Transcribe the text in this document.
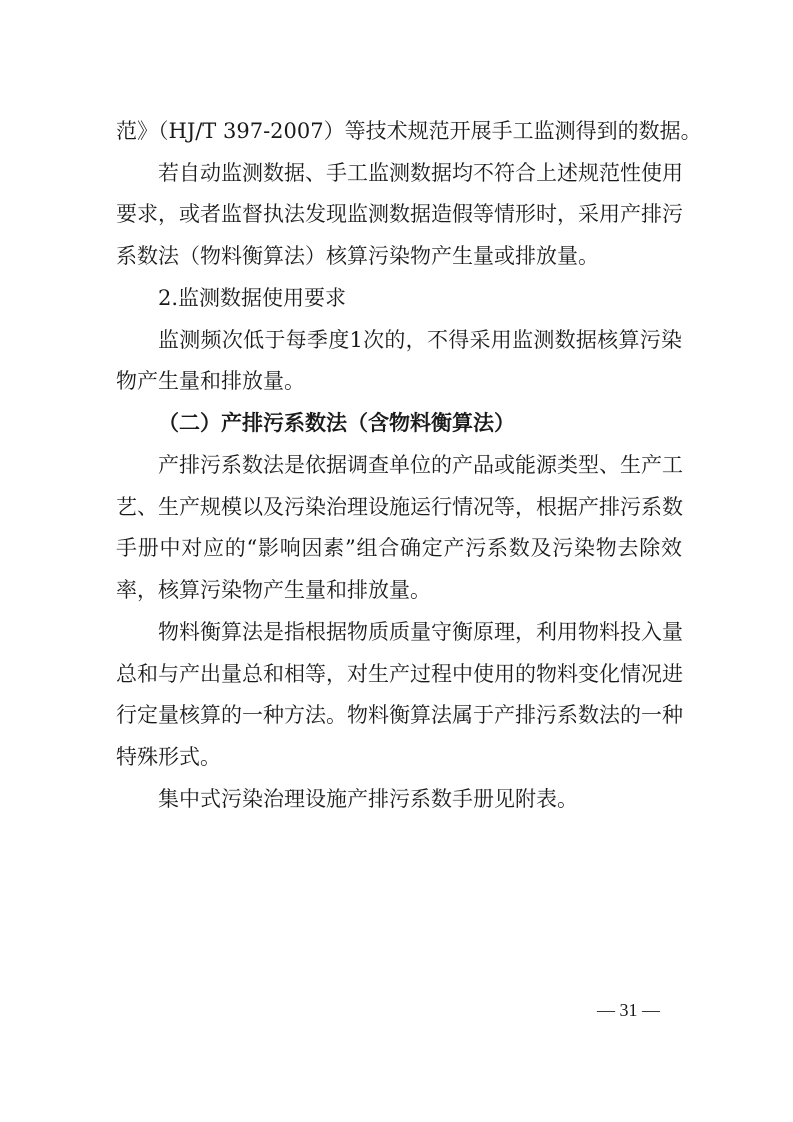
范》（HJ/T 397-2007）等技术规范开展手工监测得到的数据。
若自动监测数据、手工监测数据均不符合上述规范性使用
要求，或者监督执法发现监测数据造假等情形时，采用产排污
系数法（物料衡算法）核算污染物产生量或排放量。
2.监测数据使用要求
监测频次低于每季度1次的，不得采用监测数据核算污染
物产生量和排放量。
（二）产排污系数法（含物料衡算法）
产排污系数法是依据调查单位的产品或能源类型、生产工
艺、生产规模以及污染治理设施运行情况等，根据产排污系数
手册中对应的“影响因素”组合确定产污系数及污染物去除效
率，核算污染物产生量和排放量。
物料衡算法是指根据物质质量守衡原理，利用物料投入量
总和与产出量总和相等，对生产过程中使用的物料变化情况进
行定量核算的一种方法。物料衡算法属于产排污系数法的一种
特殊形式。
集中式污染治理设施产排污系数手册见附表。
— 31 —
